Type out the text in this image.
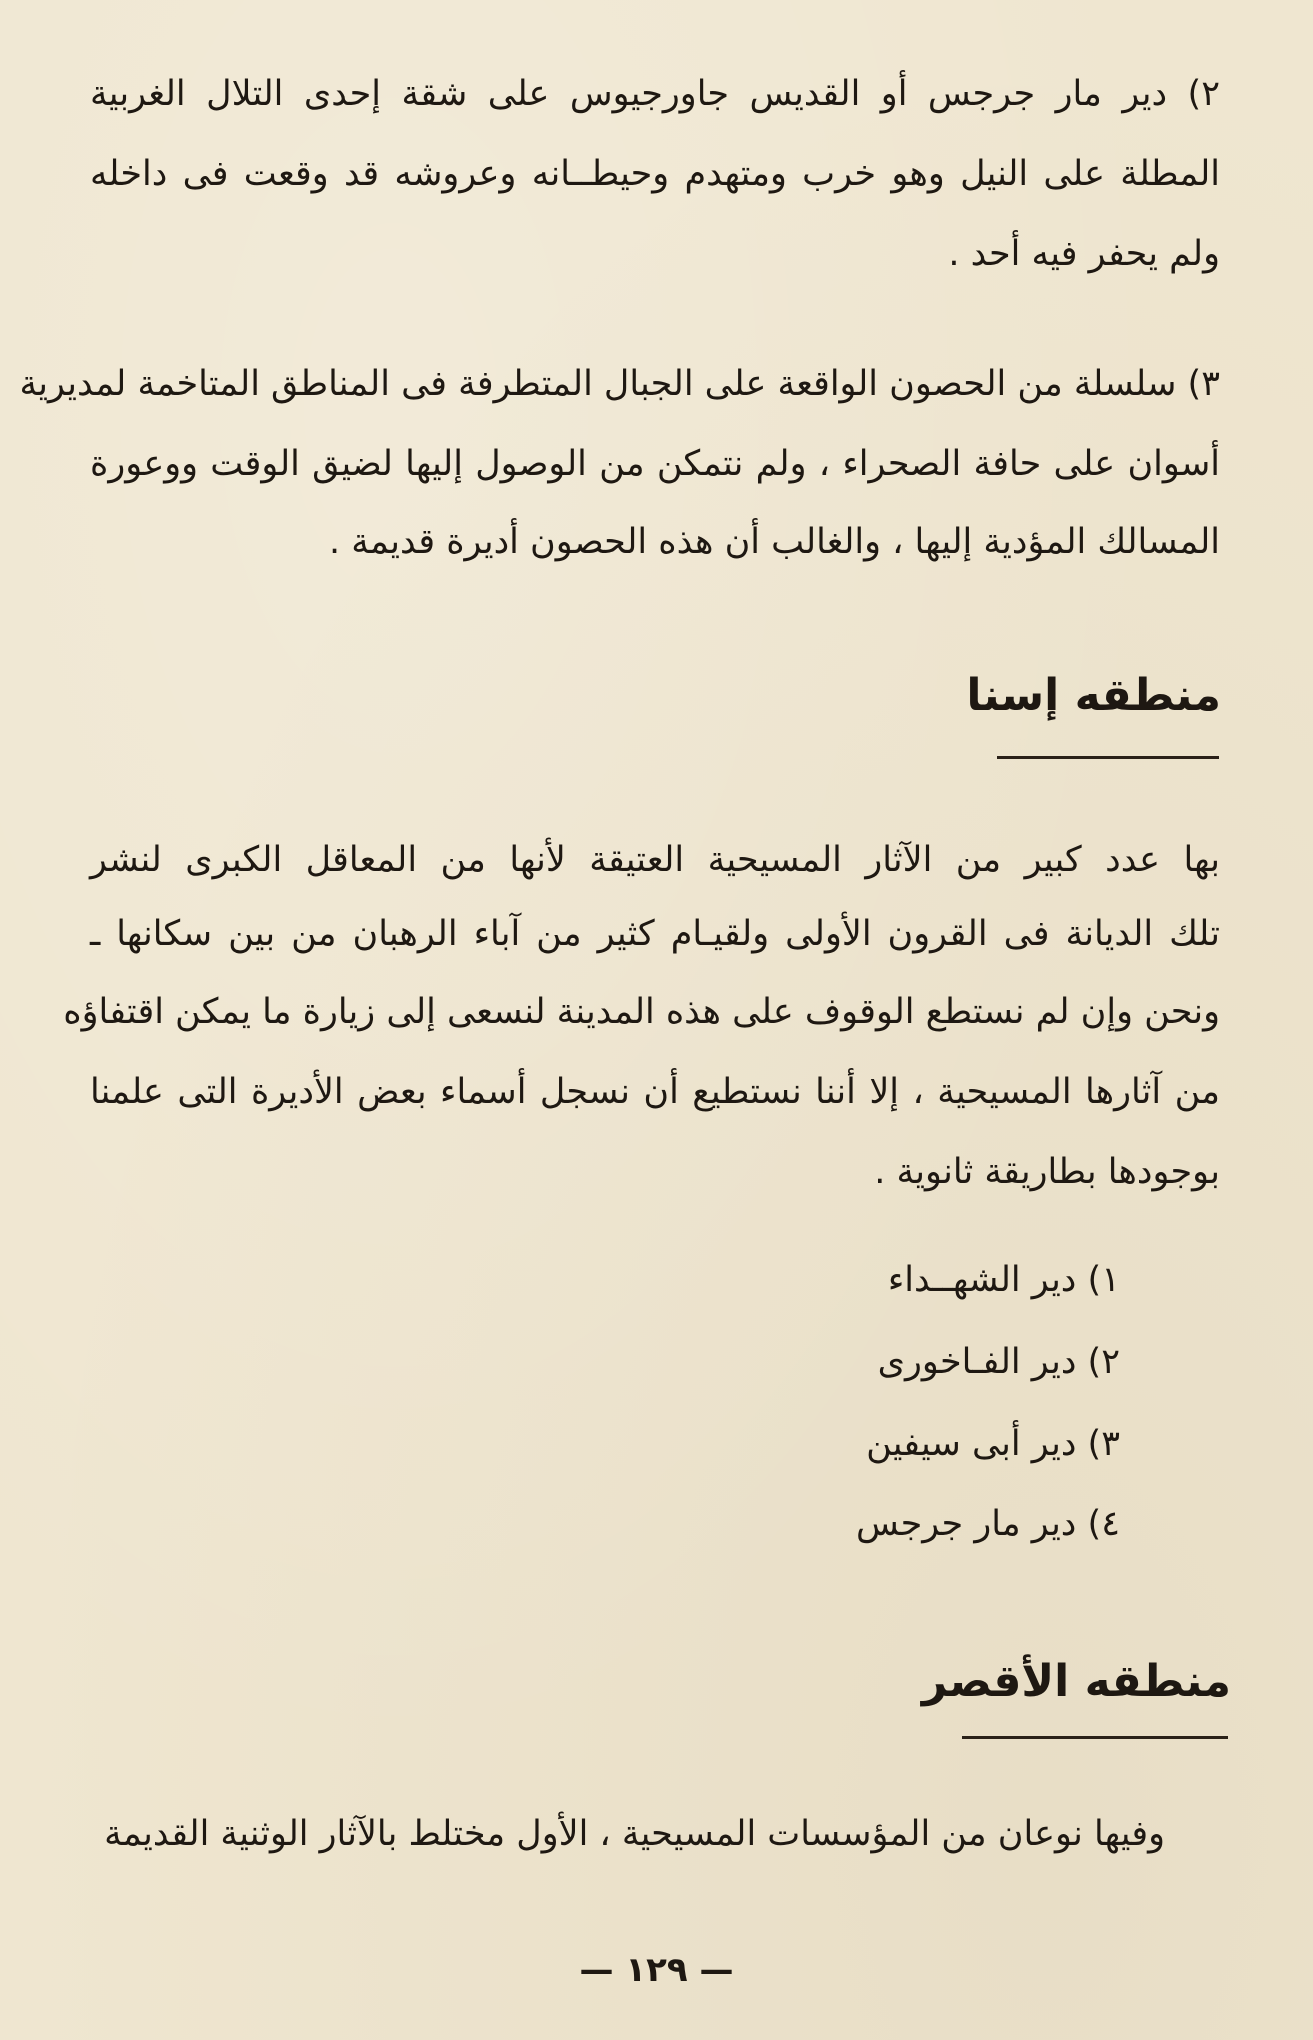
٢) دير مار جرجس أو القديس جاورجيوس على شقة إحدى التلال الغربية
المطلة على النيل وهو خرب ومتهدم وحيطــانه وعروشه قد وقعت فى داخله
ولم يحفر فيه أحد .
٣) سلسلة من الحصون الواقعة على الجبال المتطرفة فى المناطق المتاخمة لمديرية
أسوان على حافة الصحراء ، ولم نتمكن من الوصول إليها لضيق الوقت ووعورة
المسالك المؤدية إليها ، والغالب أن هذه الحصون أديرة قديمة .
منطقه إسنا
بها عدد كبير من الآثار المسيحية العتيقة لأنها من المعاقل الكبرى لنشر
تلك الديانة فى القرون الأولى ولقيـام كثير من آباء الرهبان من بين سكانها ـ
ونحن وإن لم نستطع الوقوف على هذه المدينة لنسعى إلى زيارة ما يمكن اقتفاؤه
من آثارها المسيحية ، إلا أننا نستطيع أن نسجل أسماء بعض الأديرة التى علمنا
بوجودها بطاريقة ثانوية .
١) دير الشهــداء
٢) دير الفـاخورى
٣) دير أبى سيفين
٤) دير مار جرجس
منطقه الأقصر
وفيها نوعان من المؤسسات المسيحية ، الأول مختلط بالآثار الوثنية القديمة
— ١٢٩ —
